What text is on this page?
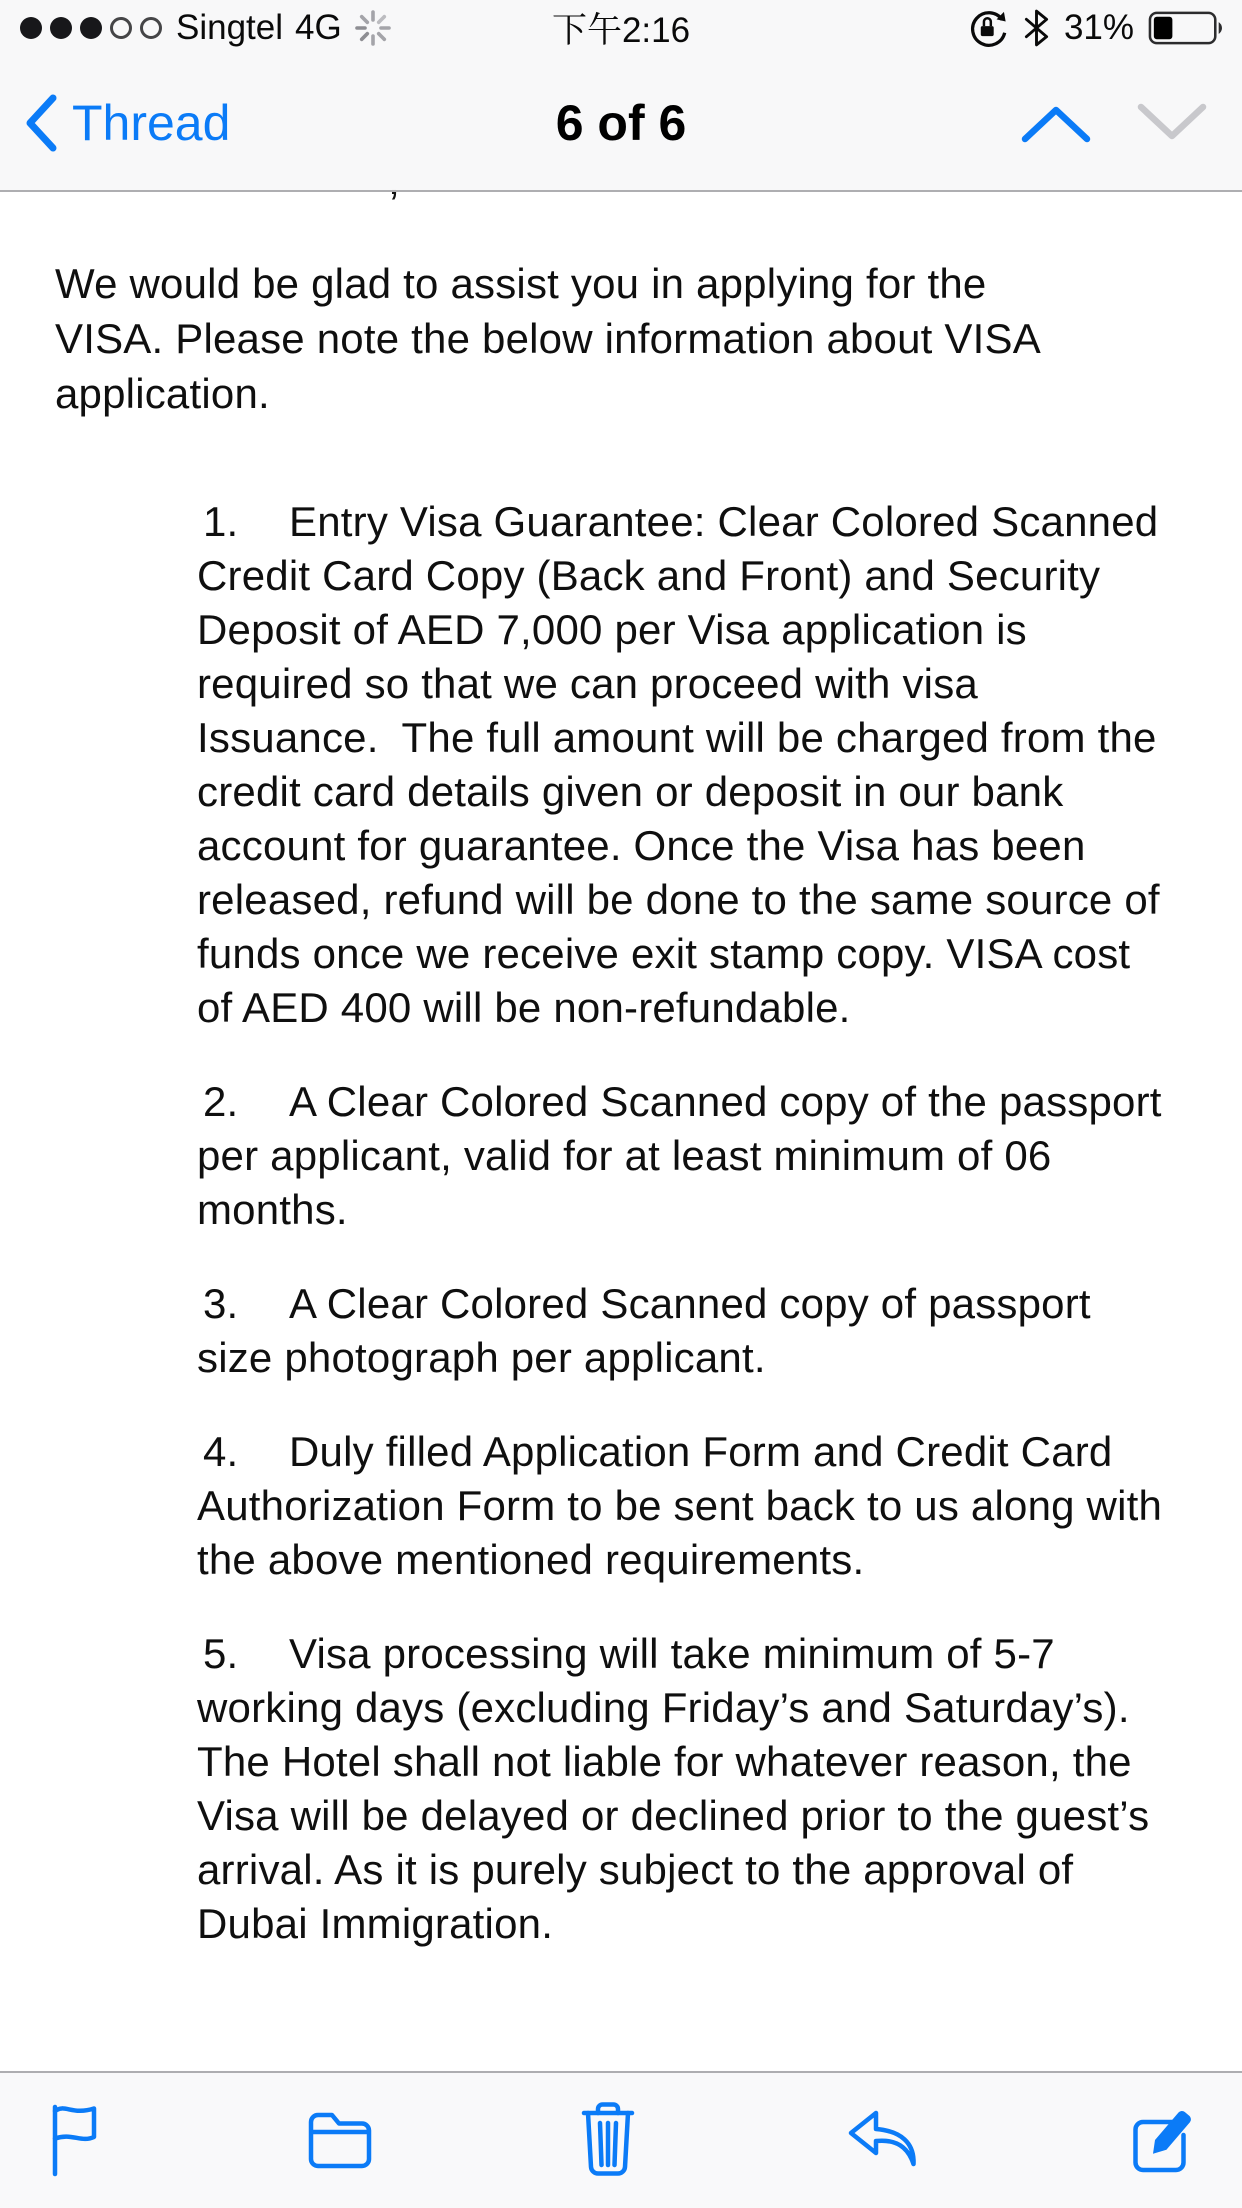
Singtel 4G	下午2:16	31%
Thread	6 of 6

We would be glad to assist you in applying for the VISA. Please note the below information about VISA application.

1.	Entry Visa Guarantee: Clear Colored Scanned Credit Card Copy (Back and Front) and Security Deposit of AED 7,000 per Visa application is required so that we can proceed with visa Issuance.  The full amount will be charged from the credit card details given or deposit in our bank account for guarantee. Once the Visa has been released, refund will be done to the same source of funds once we receive exit stamp copy. VISA cost of AED 400 will be non-refundable.
2.	A Clear Colored Scanned copy of the passport per applicant, valid for at least minimum of 06 months.
3.	A Clear Colored Scanned copy of passport size photograph per applicant.
4.	Duly filled Application Form and Credit Card Authorization Form to be sent back to us along with the above mentioned requirements.
5.	Visa processing will take minimum of 5-7 working days (excluding Friday’s and Saturday’s). The Hotel shall not liable for whatever reason, the Visa will be delayed or declined prior to the guest’s arrival. As it is purely subject to the approval of Dubai Immigration.
